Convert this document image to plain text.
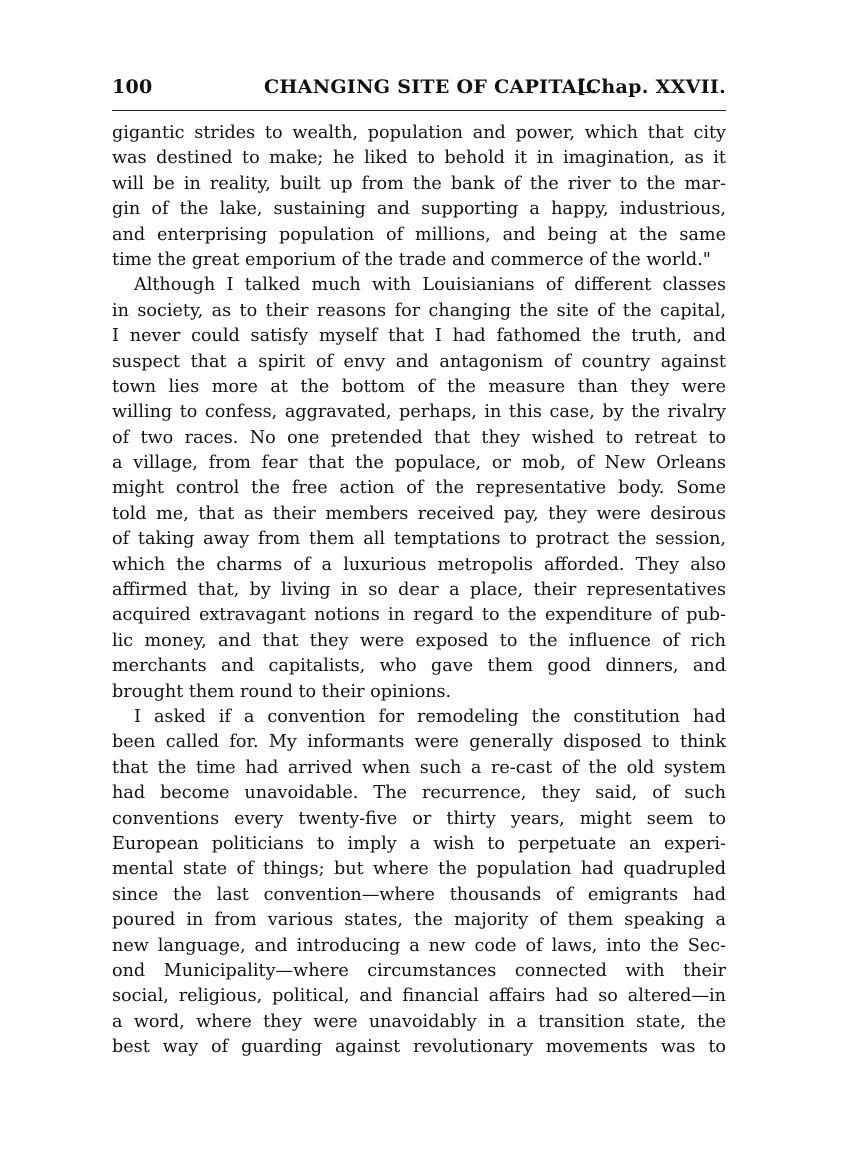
100	CHANGING SITE OF CAPITAL.
[Chap. XXVII.
gigantic strides to wealth, population and power, which that city
was destined to make; he liked to behold it in imagination, as it
will be in reality, built up from the bank of the river to the mar-
gin of the lake, sustaining and supporting a happy, industrious,
and enterprising population of millions, and being at the same
time the great emporium of the trade and commerce of the world."
Although I talked much with Louisianians of different classes
in society, as to their reasons for changing the site of the capital,
I never could satisfy myself that I had fathomed the truth, and
suspect that a spirit of envy and antagonism of country against
town lies more at the bottom of the measure than they were
willing to confess, aggravated, perhaps, in this case, by the rivalry
of two races. No one pretended that they wished to retreat to
a village, from fear that the populace, or mob, of New Orleans
might control the free action of the representative body. Some
told me, that as their members received pay, they were desirous
of taking away from them all temptations to protract the session,
which the charms of a luxurious metropolis afforded. They also
affirmed that, by living in so dear a place, their representatives
acquired extravagant notions in regard to the expenditure of pub-
lic money, and that they were exposed to the influence of rich
merchants and capitalists, who gave them good dinners, and
brought them round to their opinions.
I asked if a convention for remodeling the constitution had
been called for. My informants were generally disposed to think
that the time had arrived when such a re-cast of the old system
had become unavoidable. The recurrence, they said, of such
conventions every twenty-five or thirty years, might seem to
European politicians to imply a wish to perpetuate an experi-
mental state of things; but where the population had quadrupled
since the last convention—where thousands of emigrants had
poured in from various states, the majority of them speaking a
new language, and introducing a new code of laws, into the Sec-
ond Municipality—where circumstances connected with their
social, religious, political, and financial affairs had so altered—in
a word, where they were unavoidably in a transition state, the
best way of guarding against revolutionary movements was to
